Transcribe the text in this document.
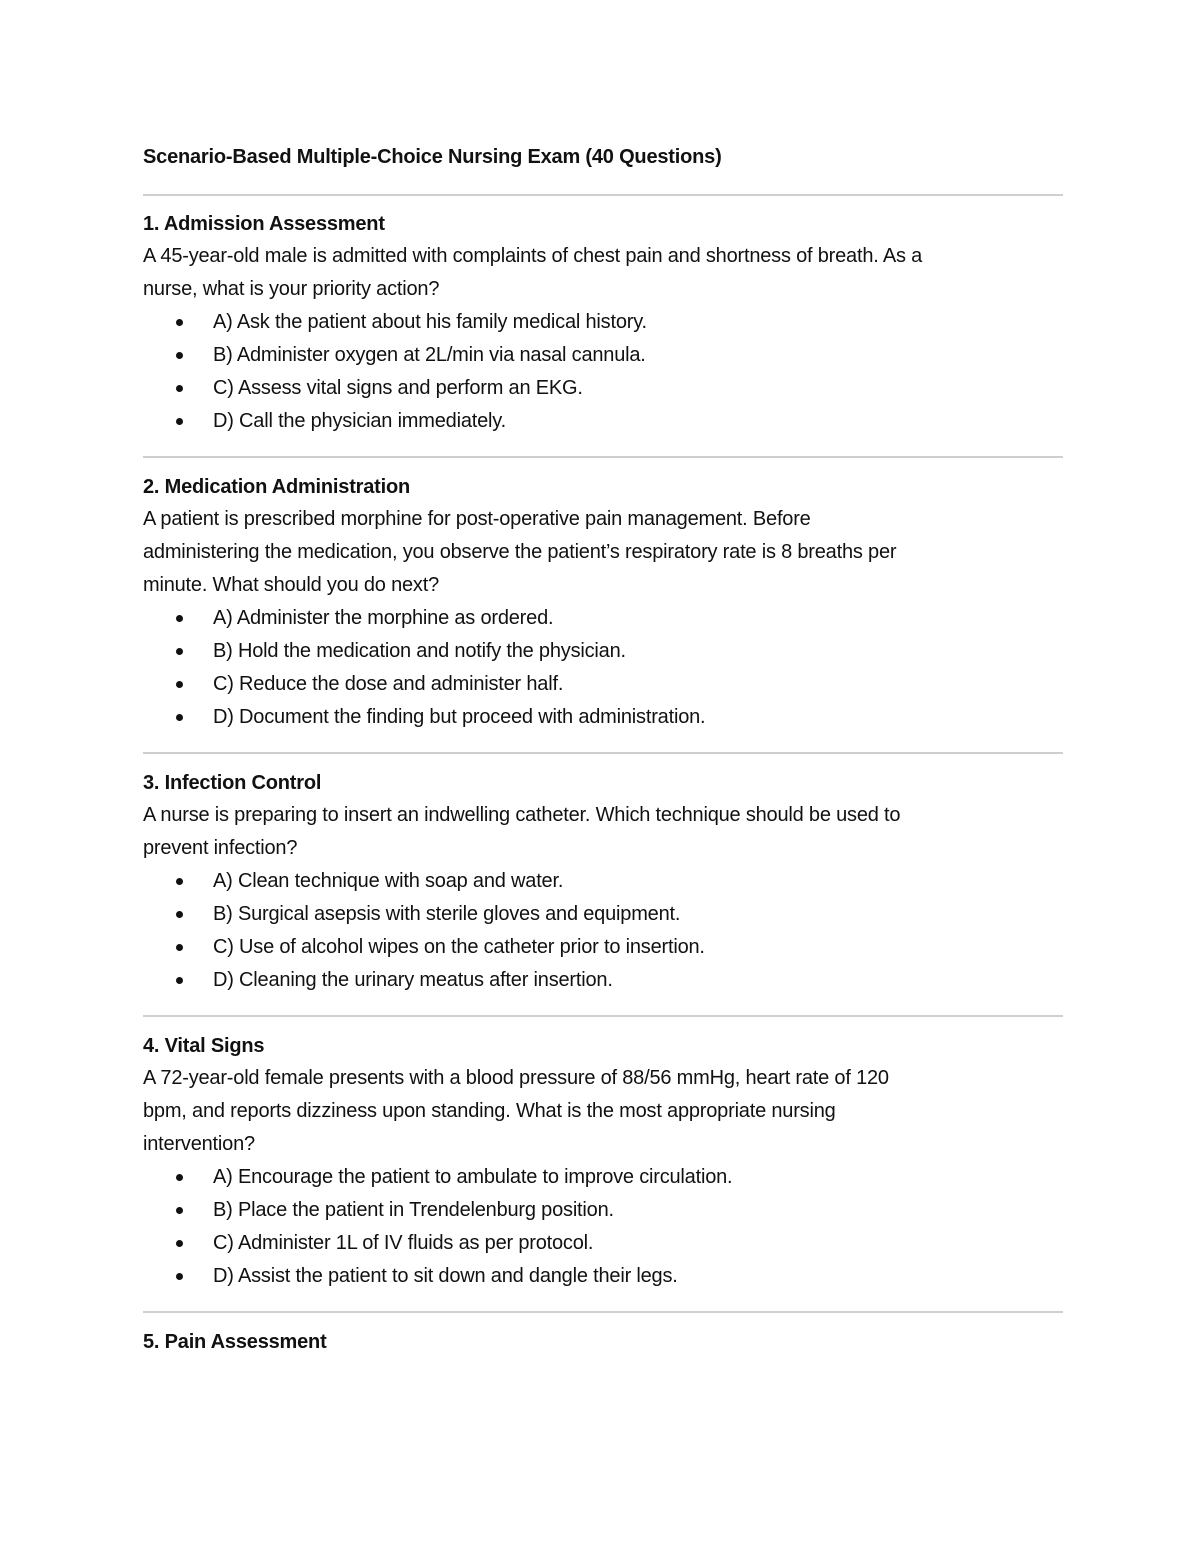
Scenario-Based Multiple-Choice Nursing Exam (40 Questions)
1. Admission Assessment

A 45-year-old male is admitted with complaints of chest pain and shortness of breath. As a
nurse, what is your priority action?

A) Ask the patient about his family medical history.
B) Administer oxygen at 2L/min via nasal cannula.
C) Assess vital signs and perform an EKG.
D) Call the physician immediately.
2. Medication Administration

A patient is prescribed morphine for post-operative pain management. Before
administering the medication, you observe the patient’s respiratory rate is 8 breaths per
minute. What should you do next?

A) Administer the morphine as ordered.
B) Hold the medication and notify the physician.
C) Reduce the dose and administer half.
D) Document the finding but proceed with administration.
3. Infection Control

A nurse is preparing to insert an indwelling catheter. Which technique should be used to
prevent infection?

A) Clean technique with soap and water.
B) Surgical asepsis with sterile gloves and equipment.
C) Use of alcohol wipes on the catheter prior to insertion.
D) Cleaning the urinary meatus after insertion.
4. Vital Signs

A 72-year-old female presents with a blood pressure of 88/56 mmHg, heart rate of 120
bpm, and reports dizziness upon standing. What is the most appropriate nursing
intervention?

A) Encourage the patient to ambulate to improve circulation.
B) Place the patient in Trendelenburg position.
C) Administer 1L of IV fluids as per protocol.
D) Assist the patient to sit down and dangle their legs.
5. Pain Assessment
